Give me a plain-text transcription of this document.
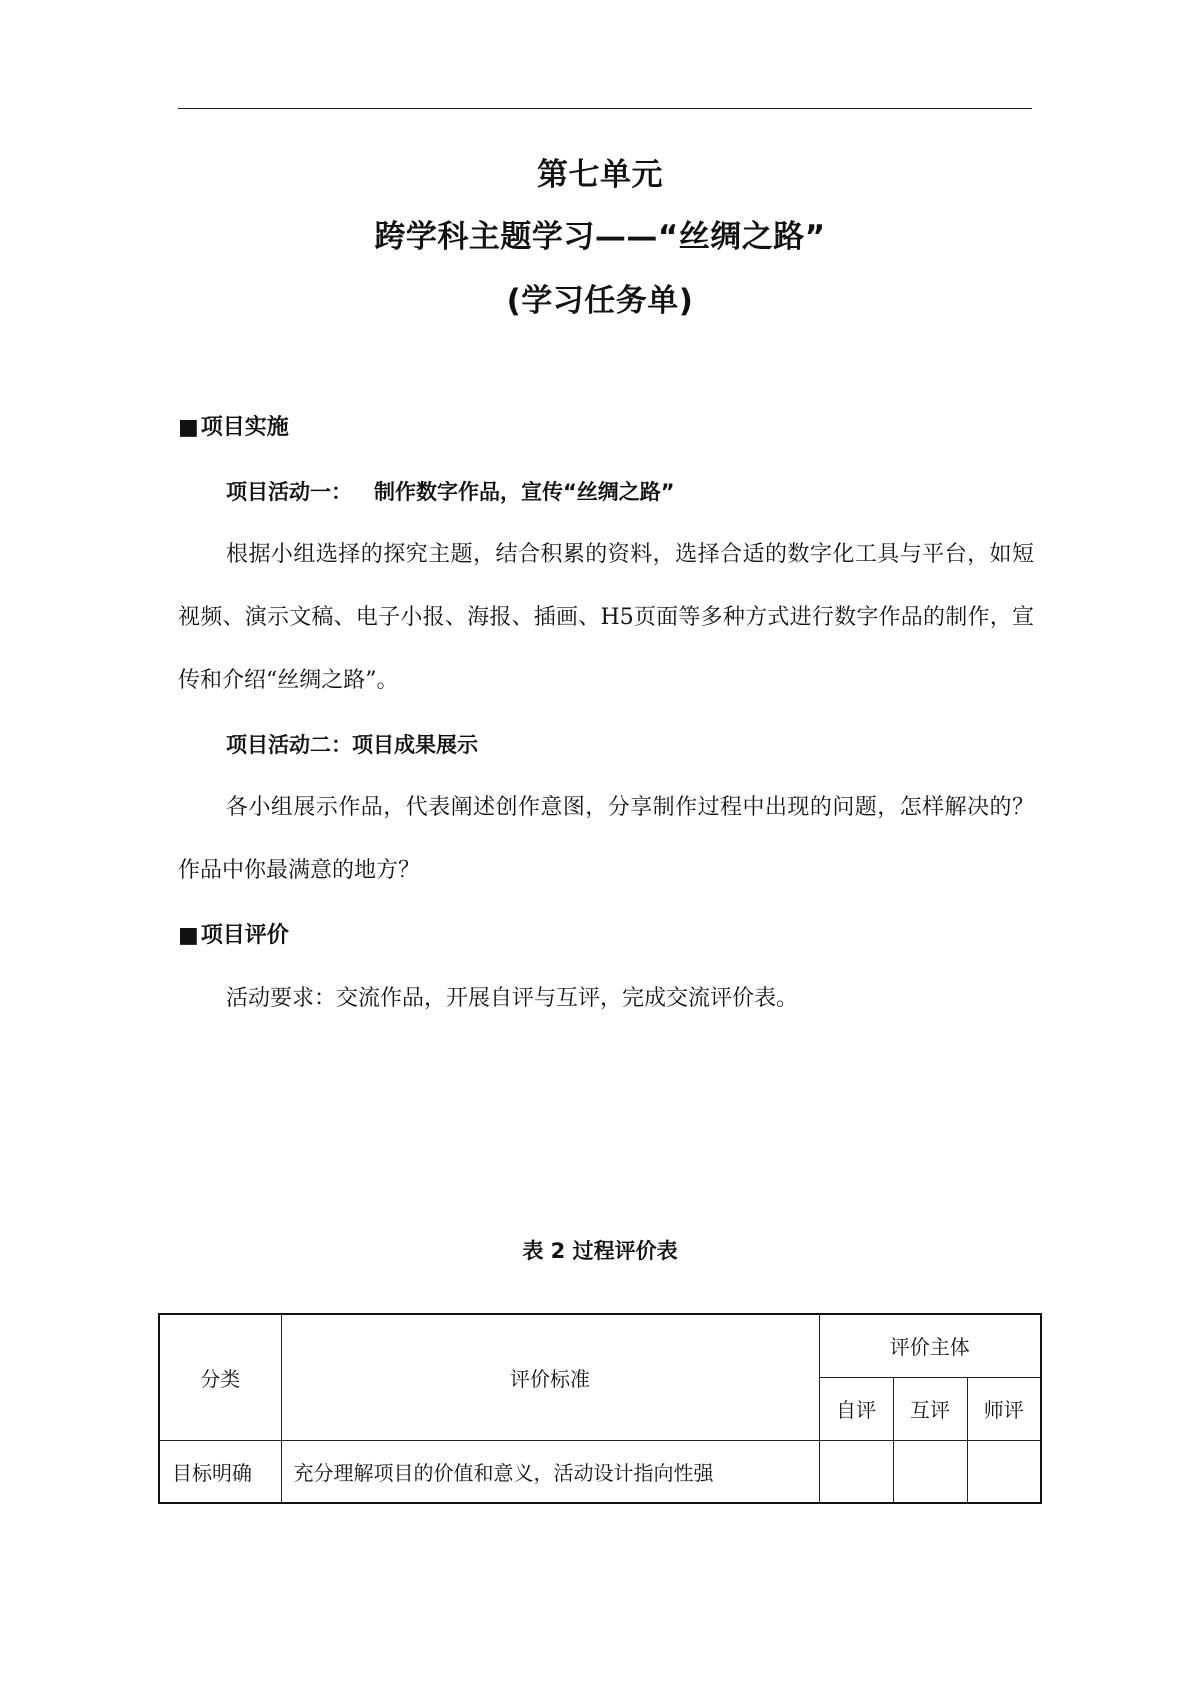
第七单元
跨学科主题学习——“丝绸之路”
(学习任务单)
■项目实施
项目活动一： 制作数字作品，宣传“丝绸之路”

根据小组选择的探究主题，结合积累的资料，选择合适的数字化工具与平台，如短视频、演示文稿、电子小报、海报、插画、H5页面等多种方式进行数字作品的制作，宣传和介绍“丝绸之路”。

项目活动二：项目成果展示

各小组展示作品，代表阐述创作意图，分享制作过程中出现的问题，怎样解决的？作品中你最满意的地方？

■项目评价

活动要求：交流作品，开展自评与互评，完成交流评价表。

表 2 过程评价表
分类	评价标准	评价主体		
		自评	互评	师评
目标明确	充分理解项目的价值和意义，活动设计指向性强			
